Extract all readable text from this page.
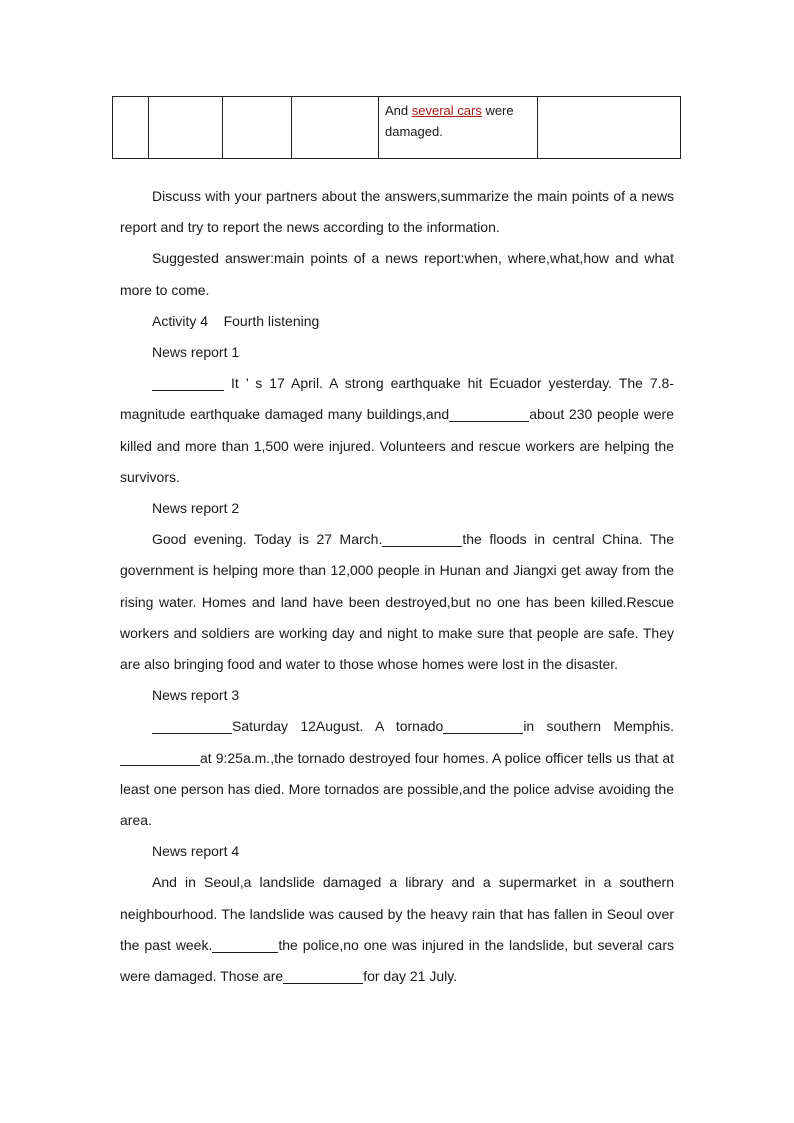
				And several cars were damaged.	

Discuss with your partners about the answers,summarize the main points of a news report and try to report the news according to the information.

Suggested answer:main points of a news report:when, where,what,how and what more to come.

Activity 4 Fourth listening

News report 1

It ’ s 17 April. A strong earthquake hit Ecuador yesterday. The 7.8-magnitude earthquake damaged many buildings,and	about 230 people were killed and more than 1,500 were injured. Volunteers and rescue workers are helping the survivors.

News report 2

Good evening. Today is 27 March.	the floods in central China. The government is helping more than 12,000 people in Hunan and Jiangxi get away from the rising water. Homes and land have been destroyed,but no one has been killed.Rescue workers and soldiers are working day and night to make sure that people are safe. They are also bringing food and water to those whose homes were lost in the disaster.

News report 3

Saturday 12August. A tornado	in southern Memphis.at 9:25a.m.,the tornado destroyed four homes. A police officer tells us that at least one person has died. More tornados are possible,and the police advise avoiding the area.

News report 4

And in Seoul,a landslide damaged a library and a supermarket in a southern neighbourhood. The landslide was caused by the heavy rain that has fallen in Seoul over the past week.	the police,no one was injured in the landslide, but several cars were damaged. Those are	for day 21 July.
